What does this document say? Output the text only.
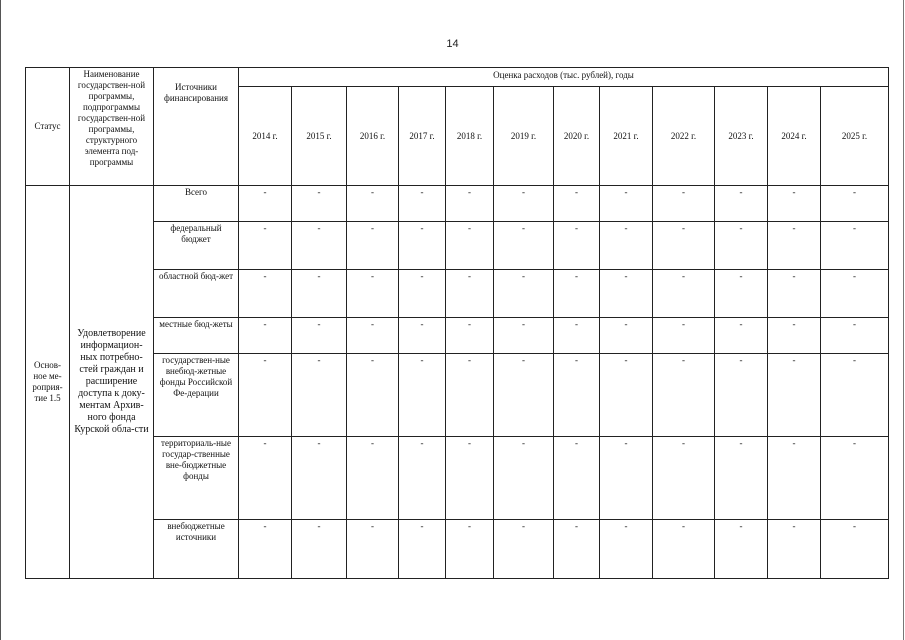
14
Статус	Наименование государствен-ной программы, подпрограммы государствен-ной программы, структурного элемента под-программы	Источники финансирования	Оценка расходов (тыс. рублей), годы											
			2014 г.	2015 г.	2016 г.	2017 г.	2018 г.	2019 г.	2020 г.	2021 г.	2022 г.	2023 г.	2024 г.	2025 г.
Основ-ное ме-роприя-тие 1.5	Удовлетворение информацион-ных потребно-стей граждан и расширение доступа к доку-ментам Архив-ного фонда Курской обла-сти	Всего	-	-	-	-	-	-	-	-	-	-	-	-
		федеральный бюджет	-	-	-	-	-	-	-	-	-	-	-	-
		областной бюд-жет	-	-	-	-	-	-	-	-	-	-	-	-
		местные бюд-жеты	-	-	-	-	-	-	-	-	-	-	-	-
		государствен-ные внебюд-жетные фонды Российской Фе-дерации	-	-	-	-	-	-	-	-	-	-	-	-
		территориаль-ные государ-ственные вне-бюджетные фонды	-	-	-	-	-	-	-	-	-	-	-	-
		внебюджетные источники	-	-	-	-	-	-	-	-	-	-	-	-
